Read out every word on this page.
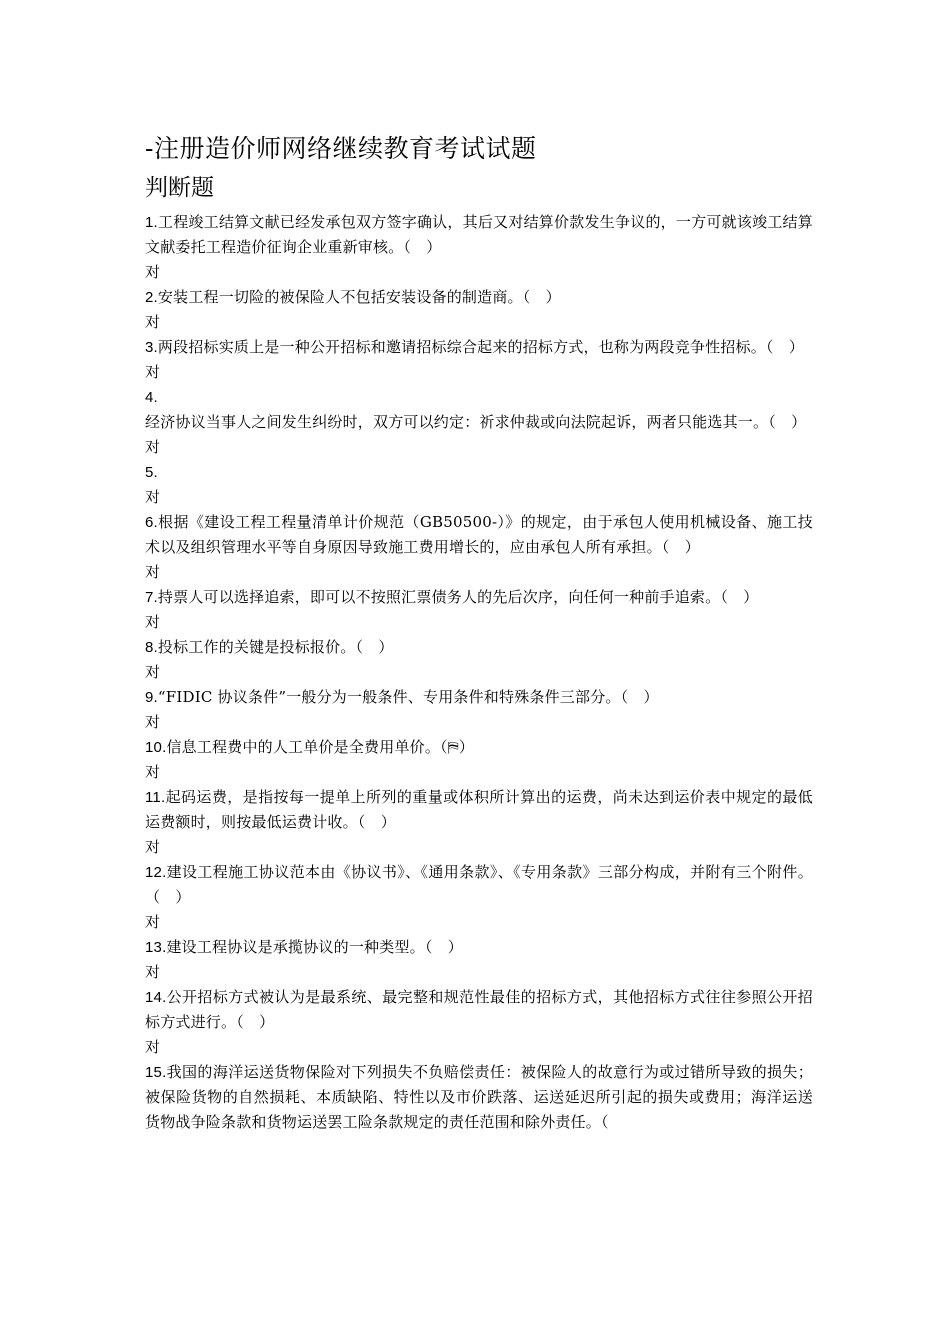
-注册造价师网络继续教育考试试题
判断题
1.工程竣工结算文献已经发承包双方签字确认，其后又对结算价款发生争议的，一方可就该竣工结算文献委托工程造价征询企业重新审核。（　）
对
2.安装工程一切险的被保险人不包括安装设备的制造商。（　）
对
3.两段招标实质上是一种公开招标和邀请招标综合起来的招标方式，也称为两段竞争性招标。（　）
对
4.经济协议当事人之间发生纠纷时，双方可以约定：祈求仲裁或向法院起诉，两者只能选其一。（　）
对
5.
对
6.根据《建设工程工程量清单计价规范（GB50500-）》的规定，由于承包人使用机械设备、施工技术以及组织管理水平等自身原因导致施工费用增长的，应由承包人所有承担。（　）
对
7.持票人可以选择追索，即可以不按照汇票债务人的先后次序，向任何一种前手追索。（　）
对
8.投标工作的关键是投标报价。（　）
对
9.“FIDIC 协议条件”一般分为一般条件、专用条件和特殊条件三部分。（　）
对
10.信息工程费中的人工单价是全费用单价。（⛿）
对
11.起码运费，是指按每一提单上所列的重量或体积所计算出的运费，尚未达到运价表中规定的最低运费额时，则按最低运费计收。（　）
对
12.建设工程施工协议范本由《协议书》、《通用条款》、《专用条款》三部分构成，并附有三个附件。（　）
对
13.建设工程协议是承揽协议的一种类型。（　）
对
14.公开招标方式被认为是最系统、最完整和规范性最佳的招标方式，其他招标方式往往参照公开招标方式进行。（　）
对
15.我国的海洋运送货物保险对下列损失不负赔偿责任：被保险人的故意行为或过错所导致的损失；被保险货物的自然损耗、本质缺陷、特性以及市价跌落、运送延迟所引起的损失或费用；海洋运送货物战争险条款和货物运送罢工险条款规定的责任范围和除外责任。（
